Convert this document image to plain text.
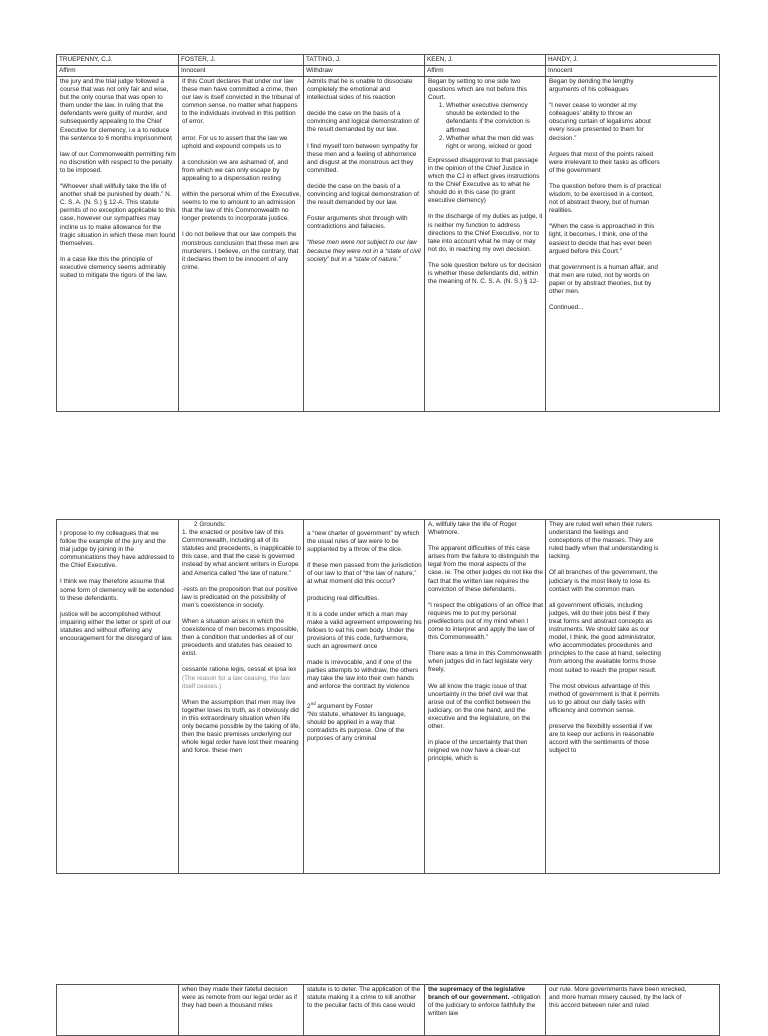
TRUEPENNY, C.J.
Affirm

the jury and the trial judge followed a course that was not only fair and wise, but the only course that was open to them under the law. In ruling that the defendants were guilty of murder, and subsequently appealing to the Chief Executive for clemency, i.e a to reduce the sentence to 6 months imprisonment

law of our Commonwealth permitting him no discretion with respect to the penalty to be imposed.

“Whoever shall willfully take the life of another shall be punished by death.” N. C. S. A. (N. S.) § 12-A. This statute permits of no exception applicable to this case, however our sympathies may incline us to make allowance for the tragic situation in which these men found themselves.

In a case like this the principle of executive clemency seems admirably suited to mitigate the rigors of the law,

FOSTER, J.
Innocent

If this Court declares that under our law these men have committed a crime, then our law is itself convicted in the tribunal of common sense, no matter what happens to the individuals involved in this petition of error.

error. For us to assert that the law we uphold and expound compels us to

a conclusion we are ashamed of, and from which we can only escape by appealing to a dispensation resting

within the personal whim of the Executive, seems to me to amount to an admission that the law of this Commonwealth no longer pretends to incorporate justice.

I do not believe that our law compels the monstrous conclusion that these men are murderers. I believe, on the contrary, that it declares them to be innocent of any crime.

TATTING, J.
Withdraw

Admits that he is unable to dissociate completely the emotional and intellectual sides of his reaction

decide the case on the basis of a convincing and logical demonstration of the result demanded by our law.

I find myself torn between sympathy for these men and a feeling of abhorrence and disgust at the monstrous act they committed.

decide the case on the basis of a convincing and logical demonstration of the result demanded by our law.

Foster arguments shot through with contradictions and fallacies.

“these men were not subject to our law because they were not in a “state of civil society” but in a “state of nature.”

KEEN, J.
Affirm

Began by setting to one side two questions which are not before this Court.

1. Whether executive clemency should be extended to the defendants if the conviction is affirmed
2. Whether what the men did was right or wrong, wicked or good

Expressed disapproval to that passage in the opinion of the Chief Justice in which the CJ in effect gives instructions to the Chief Executive as to what he should do in this case (to grant executive clemency)

In the discharge of my duties as judge, it is neither my function to address directions to the Chief Executive, nor to take into account what he may or may not do, in reaching my own decision.

The sole question before us for decision is whether these defendants did, within the meaning of N. C. S. A. (N. S.) § 12-

HANDY, J.
Innocent

Began by deriding the lengthy arguments of his colleagues

“I never cease to wonder at my colleagues’ ability to throw an obscuring curtain of legalisms about every issue presented to them for decision.”

Argues that most of the points raised were irrelevant to their tasks as officers of the government

The question before them is of practical wisdom, to be exercised in a context, not of abstract theory, but of human realities.

“When the case is approached in this light, it becomes, I think, one of the easiest to decide that has ever been argued before this Court.”

that government is a human affair, and that men are ruled, not by words on paper or by abstract theories, but by other men.

Continued...

I propose to my colleagues that we follow the example of the jury and the trial judge by joining in the communications they have addressed to the Chief Executive.

I think we may therefore assume that some form of clemency will be extended to these defendants.

justice will be accomplished without impairing either the letter or spirit of our statutes and without offering any encouragement for the disregard of law.

2 Grounds:

1. the enacted or positive law of this Commonwealth, including all of its statutes and precedents, is inapplicable to this case, and that the case is governed instead by what ancient writers in Europe and America called “the law of nature.”

-rests on the proposition that our positive law is predicated on the possibility of men’s coexistence in society.

When a situation arises in which the coexistence of men becomes impossible, then a condition that underlies all of our precedents and statutes has ceased to exist.

cessante ratione legis, cessat et ipsa lex (The reason for a law ceasing, the law itself ceases.)

When the assumption that men may live together loses its truth, as it obviously did in this extraordinary situation when life only became possible by the taking of life, then the basic premises underlying our whole legal order have lost their meaning and force. these men

a “new charter of government” by which the usual rules of law were to be supplanted by a throw of the dice.

If these men passed from the jurisdiction of our law to that of “the law of nature,” at what moment did this occur?

producing real difficulties.

It is a code under which a man may make a valid agreement empowering his fellows to eat his own body. Under the provisions of this code, furthermore, such an agreement once

made is irrevocable, and if one of the parties attempts to withdraw, the others may take the law into their own hands and enforce the contract by violence

2nd argument by Foster

“No statute, whatever its language, should be applied in a way that contradicts its purpose. One of the purposes of any criminal

A, willfully take the life of Roger Whetmore.

The apparent difficulties of this case arises from the failure to distinguish the legal from the moral aspects of the case. ie. The other judges do not like the fact that the written law requires the conviction of these defendants.

“I respect the obligations of an office that requires me to put my personal predilections out of my mind when I come to interpret and apply the law of this Commonwealth.”

There was a time in this Commonwealth when judges did in fact legislate very freely,

We all know the tragic issue of that uncertainty in the brief civil war that arose out of the conflict between the judiciary, on the one hand, and the executive and the legislature, on the other.

in place of the uncertainty that then reigned we now have a clear-cut principle, which is

They are ruled well when their rulers understand the feelings and conceptions of the masses. They are ruled badly when that understanding is lacking.

Of all branches of the government, the judiciary is the most likely to lose its contact with the common man.

all government officials, including judges, will do their jobs best if they treat forms and abstract concepts as instruments. We should take as our model, I think, the good administrator, who accommodates procedures and principles to the case at hand, selecting from among the available forms those most suited to reach the proper result.

The most obvious advantage of this method of government is that it permits us to go about our daily tasks with efficiency and common sense.

preserve the flexibility essential if we are to keep our actions in reasonable accord with the sentiments of those subject to

when they made their fateful decision were as remote from our legal order as if they had been a thousand miles

statute is to deter. The application of the statute making it a crime to kill another to the peculiar facts of this case would

the supremacy of the legislative branch of our government. -obligation of the judiciary to enforce faithfully the written law

our rule. More governments have been wrecked, and more human misery caused, by the lack of this accord between ruler and ruled
